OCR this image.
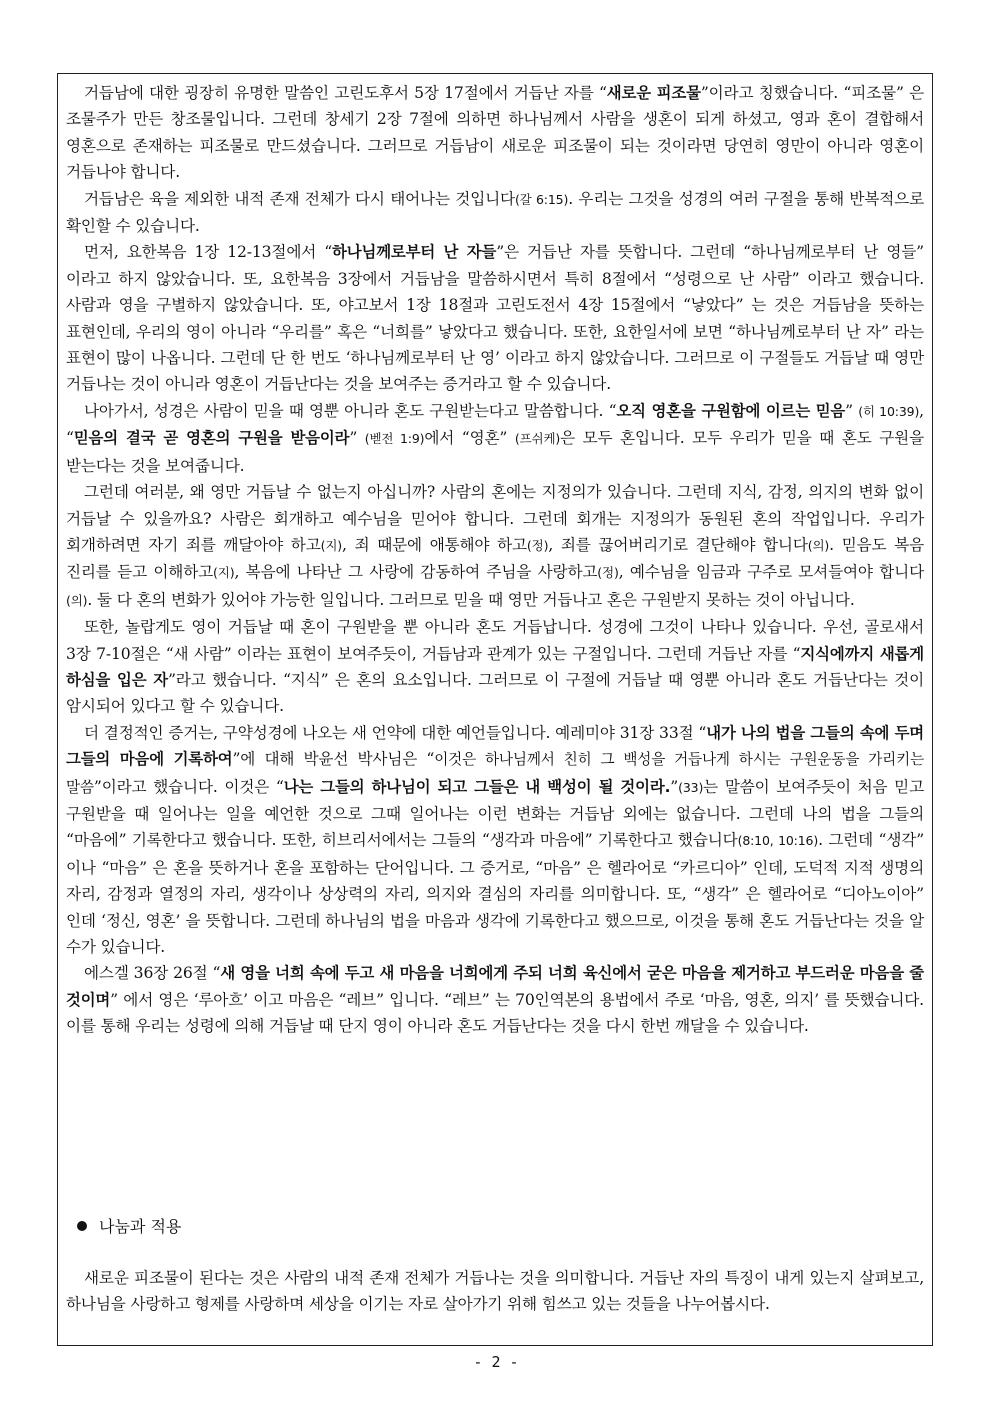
거듭남에 대한 굉장히 유명한 말씀인 고린도후서 5장 17절에서 거듭난 자를 “새로운 피조물”이라고 칭했습니다. “피조물” 은 조물주가 만든 창조물입니다. 그런데 창세기 2장 7절에 의하면 하나님께서 사람을 생혼이 되게 하셨고, 영과 혼이 결합해서 영혼으로 존재하는 피조물로 만드셨습니다. 그러므로 거듭남이 새로운 피조물이 되는 것이라면 당연히 영만이 아니라 영혼이 거듭나야 합니다.

거듭남은 육을 제외한 내적 존재 전체가 다시 태어나는 것입니다(갈 6:15). 우리는 그것을 성경의 여러 구절을 통해 반복적으로 확인할 수 있습니다.

먼저, 요한복음 1장 12-13절에서 “하나님께로부터 난 자들”은 거듭난 자를 뜻합니다. 그런데 “하나님께로부터 난 영들” 이라고 하지 않았습니다. 또, 요한복음 3장에서 거듭남을 말씀하시면서 특히 8절에서 “성령으로 난 사람” 이라고 했습니다. 사람과 영을 구별하지 않았습니다. 또, 야고보서 1장 18절과 고린도전서 4장 15절에서 “낳았다” 는 것은 거듭남을 뜻하는 표현인데, 우리의 영이 아니라 “우리를” 혹은 “너희를” 낳았다고 했습니다. 또한, 요한일서에 보면 “하나님께로부터 난 자” 라는 표현이 많이 나옵니다. 그런데 단 한 번도 ‘하나님께로부터 난 영’ 이라고 하지 않았습니다. 그러므로 이 구절들도 거듭날 때 영만 거듭나는 것이 아니라 영혼이 거듭난다는 것을 보여주는 증거라고 할 수 있습니다.

나아가서, 성경은 사람이 믿을 때 영뿐 아니라 혼도 구원받는다고 말씀합니다. “오직 영혼을 구원함에 이르는 믿음” (히 10:39), “믿음의 결국 곧 영혼의 구원을 받음이라” (벧전 1:9)에서 “영혼” (프쉬케)은 모두 혼입니다. 모두 우리가 믿을 때 혼도 구원을 받는다는 것을 보여줍니다.

그런데 여러분, 왜 영만 거듭날 수 없는지 아십니까? 사람의 혼에는 지정의가 있습니다. 그런데 지식, 감정, 의지의 변화 없이 거듭날 수 있을까요? 사람은 회개하고 예수님을 믿어야 합니다. 그런데 회개는 지정의가 동원된 혼의 작업입니다. 우리가 회개하려면 자기 죄를 깨달아야 하고(지), 죄 때문에 애통해야 하고(정), 죄를 끊어버리기로 결단해야 합니다(의). 믿음도 복음 진리를 듣고 이해하고(지), 복음에 나타난 그 사랑에 감동하여 주님을 사랑하고(정), 예수님을 임금과 구주로 모셔들여야 합니다(의). 둘 다 혼의 변화가 있어야 가능한 일입니다. 그러므로 믿을 때 영만 거듭나고 혼은 구원받지 못하는 것이 아닙니다.

또한, 놀랍게도 영이 거듭날 때 혼이 구원받을 뿐 아니라 혼도 거듭납니다. 성경에 그것이 나타나 있습니다. 우선, 골로새서 3장 7-10절은 “새 사람” 이라는 표현이 보여주듯이, 거듭남과 관계가 있는 구절입니다. 그런데 거듭난 자를 “지식에까지 새롭게 하심을 입은 자”라고 했습니다. “지식” 은 혼의 요소입니다. 그러므로 이 구절에 거듭날 때 영뿐 아니라 혼도 거듭난다는 것이 암시되어 있다고 할 수 있습니다.

더 결정적인 증거는, 구약성경에 나오는 새 언약에 대한 예언들입니다. 예레미야 31장 33절 “내가 나의 법을 그들의 속에 두며 그들의 마음에 기록하여”에 대해 박윤선 박사님은 “이것은 하나님께서 친히 그 백성을 거듭나게 하시는 구원운동을 가리키는 말씀”이라고 했습니다. 이것은 “나는 그들의 하나님이 되고 그들은 내 백성이 될 것이라.”(33)는 말씀이 보여주듯이 처음 믿고 구원받을 때 일어나는 일을 예언한 것으로 그때 일어나는 이런 변화는 거듭남 외에는 없습니다. 그런데 나의 법을 그들의 “마음에” 기록한다고 했습니다. 또한, 히브리서에서는 그들의 “생각과 마음에” 기록한다고 했습니다(8:10, 10:16). 그런데 “생각” 이나 “마음” 은 혼을 뜻하거나 혼을 포함하는 단어입니다. 그 증거로, “마음” 은 헬라어로 “카르디아” 인데, 도덕적 지적 생명의 자리, 감정과 열정의 자리, 생각이나 상상력의 자리, 의지와 결심의 자리를 의미합니다. 또, “생각” 은 헬라어로 “디아노이아” 인데 ‘정신, 영혼’ 을 뜻합니다. 그런데 하나님의 법을 마음과 생각에 기록한다고 했으므로, 이것을 통해 혼도 거듭난다는 것을 알 수가 있습니다.

에스겔 36장 26절 “새 영을 너희 속에 두고 새 마음을 너희에게 주되 너희 육신에서 굳은 마음을 제거하고 부드러운 마음을 줄 것이며” 에서 영은 ‘루아흐’ 이고 마음은 “레브” 입니다. “레브” 는 70인역본의 용법에서 주로 ‘마음, 영혼, 의지’ 를 뜻했습니다. 이를 통해 우리는 성령에 의해 거듭날 때 단지 영이 아니라 혼도 거듭난다는 것을 다시 한번 깨달을 수 있습니다.

나눔과 적용

새로운 피조물이 된다는 것은 사람의 내적 존재 전체가 거듭나는 것을 의미합니다. 거듭난 자의 특징이 내게 있는지 살펴보고, 하나님을 사랑하고 형제를 사랑하며 세상을 이기는 자로 살아가기 위해 힘쓰고 있는 것들을 나누어봅시다.

- 2 -
